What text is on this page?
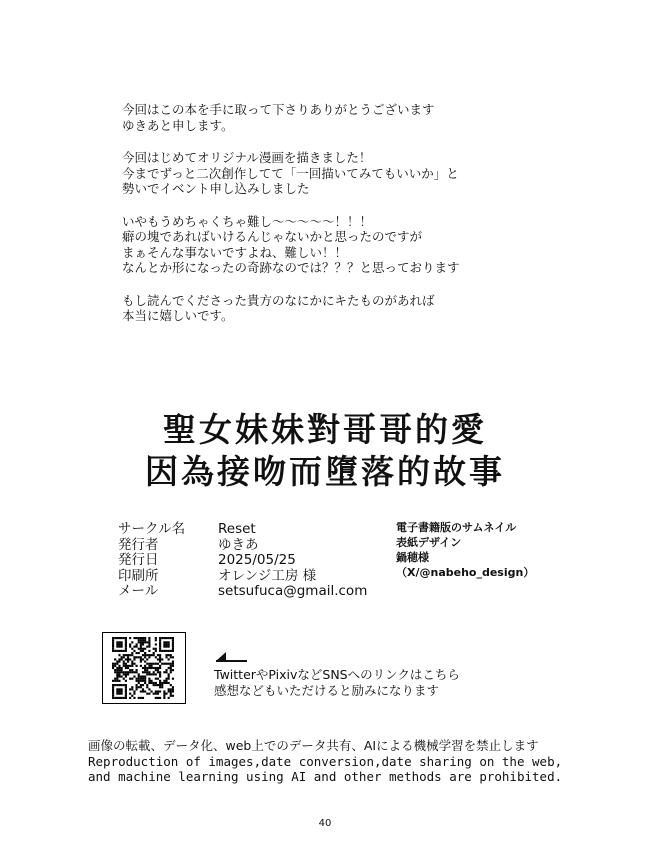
今回はこの本を手に取って下さりありがとうございます
ゆきあと申します。

今回はじめてオリジナル漫画を描きました！
今までずっと二次創作してて「一回描いてみてもいいか」と
勢いでイベント申し込みしました

いやもうめちゃくちゃ難し～～～～～！！！
癖の塊であればいけるんじゃないかと思ったのですが
まぁそんな事ないですよね、難しい！！
なんとか形になったの奇跡なのでは？？？と思っております

もし読んでくださった貴方のなにかにキたものがあれば
本当に嬉しいです。

聖女妹妹對哥哥的愛
因為接吻而墮落的故事
サークル名	Reset
発行者	ゆきあ
発行日	2025/05/25
印刷所	オレンジ工房 様
メール	setsufuca@gmail.com
電子書籍版のサムネイル
表紙デザイン
鍋穂様
（X/@nabeho_design）
TwitterやPixivなどSNSへのリンクはこちら
感想などもいただけると励みになります
画像の転載、データ化、web上でのデータ共有、AIによる機械学習を禁止します
Reproduction of images,date conversion,date sharing on the web,
and machine learning using AI and other methods are prohibited.
40
